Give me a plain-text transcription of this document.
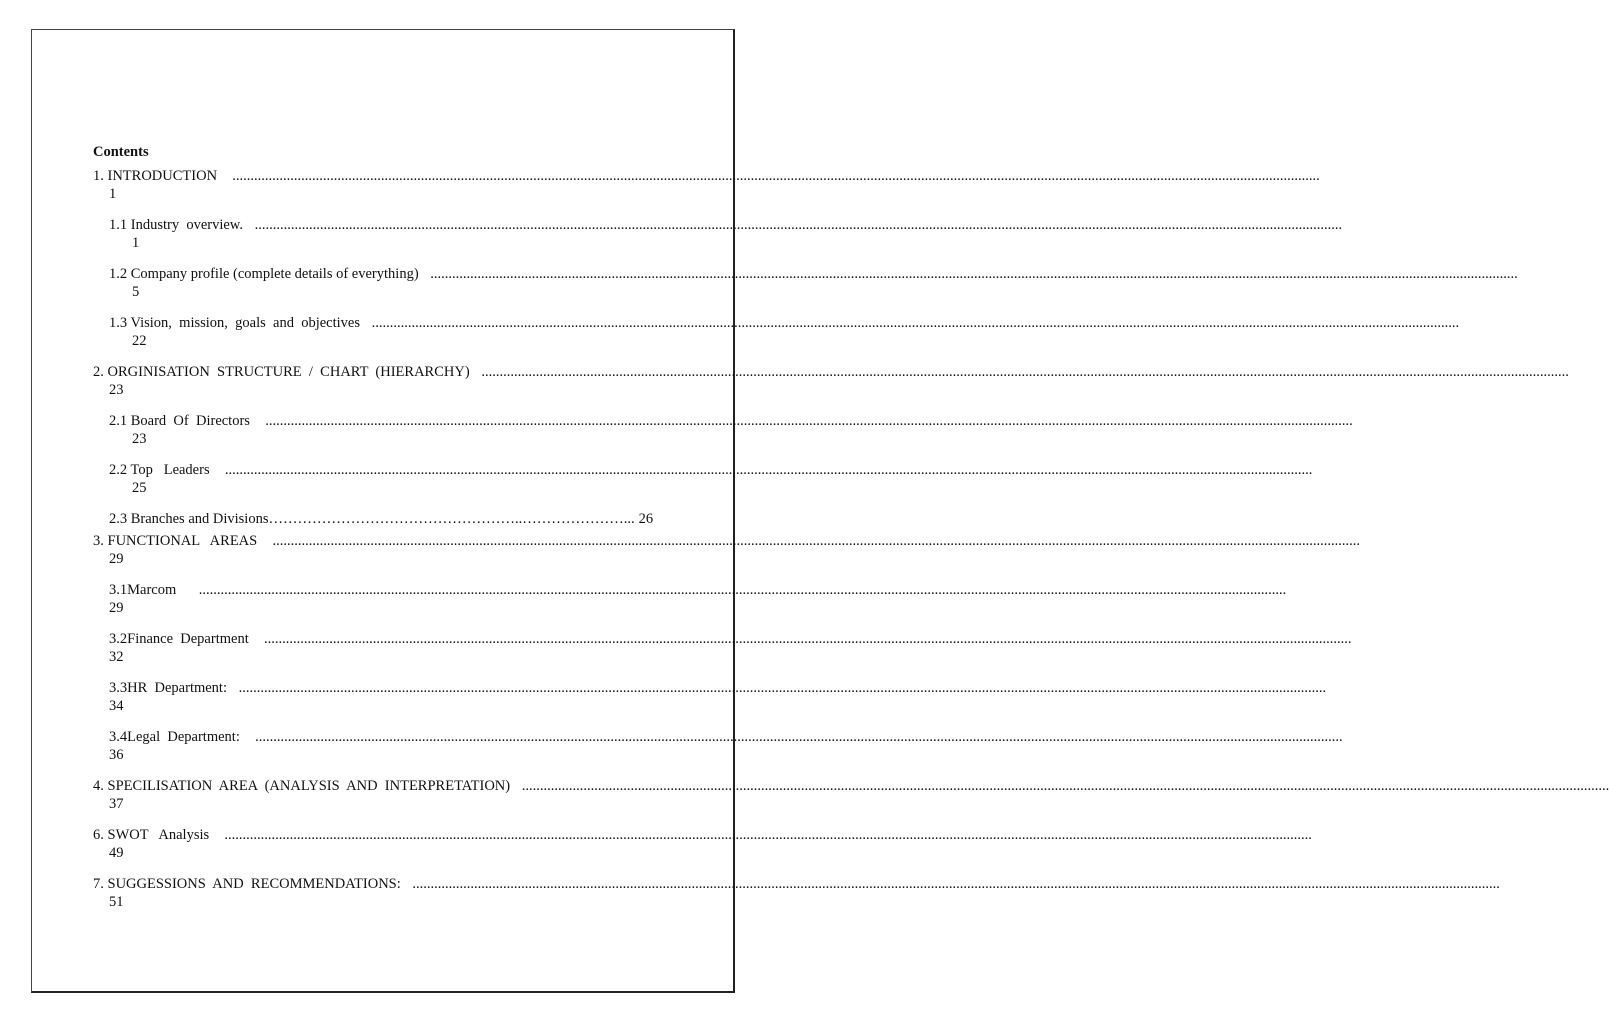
Contents
1. INTRODUCTION ............................................................................................................................................................................................................................................................................................................
1
1.1 Industry  overview. ............................................................................................................................................................................................................................................................................................................
1
1.2 Company profile (complete details of everything) ............................................................................................................................................................................................................................................................................................................
5
1.3 Vision,  mission,  goals  and  objectives ............................................................................................................................................................................................................................................................................................................
22
2. ORGINISATION  STRUCTURE  /  CHART  (HIERARCHY) ............................................................................................................................................................................................................................................................................................................
23
2.1 Board  Of  Directors ............................................................................................................................................................................................................................................................................................................
23
2.2 Top   Leaders ............................................................................................................................................................................................................................................................................................................
25
2.3 Branches and Divisions ……………………………………………..…………………... 26
3. FUNCTIONAL   AREAS ............................................................................................................................................................................................................................................................................................................
29
3.1Marcom ............................................................................................................................................................................................................................................................................................................
29
3.2Finance  Department ............................................................................................................................................................................................................................................................................................................
32
3.3HR  Department: ............................................................................................................................................................................................................................................................................................................
34
3.4Legal  Department: ............................................................................................................................................................................................................................................................................................................
36
4. SPECILISATION  AREA  (ANALYSIS  AND  INTERPRETATION) ............................................................................................................................................................................................................................................................................................................
37
6. SWOT   Analysis ............................................................................................................................................................................................................................................................................................................
49
7. SUGGESSIONS  AND  RECOMMENDATIONS: ............................................................................................................................................................................................................................................................................................................
51
